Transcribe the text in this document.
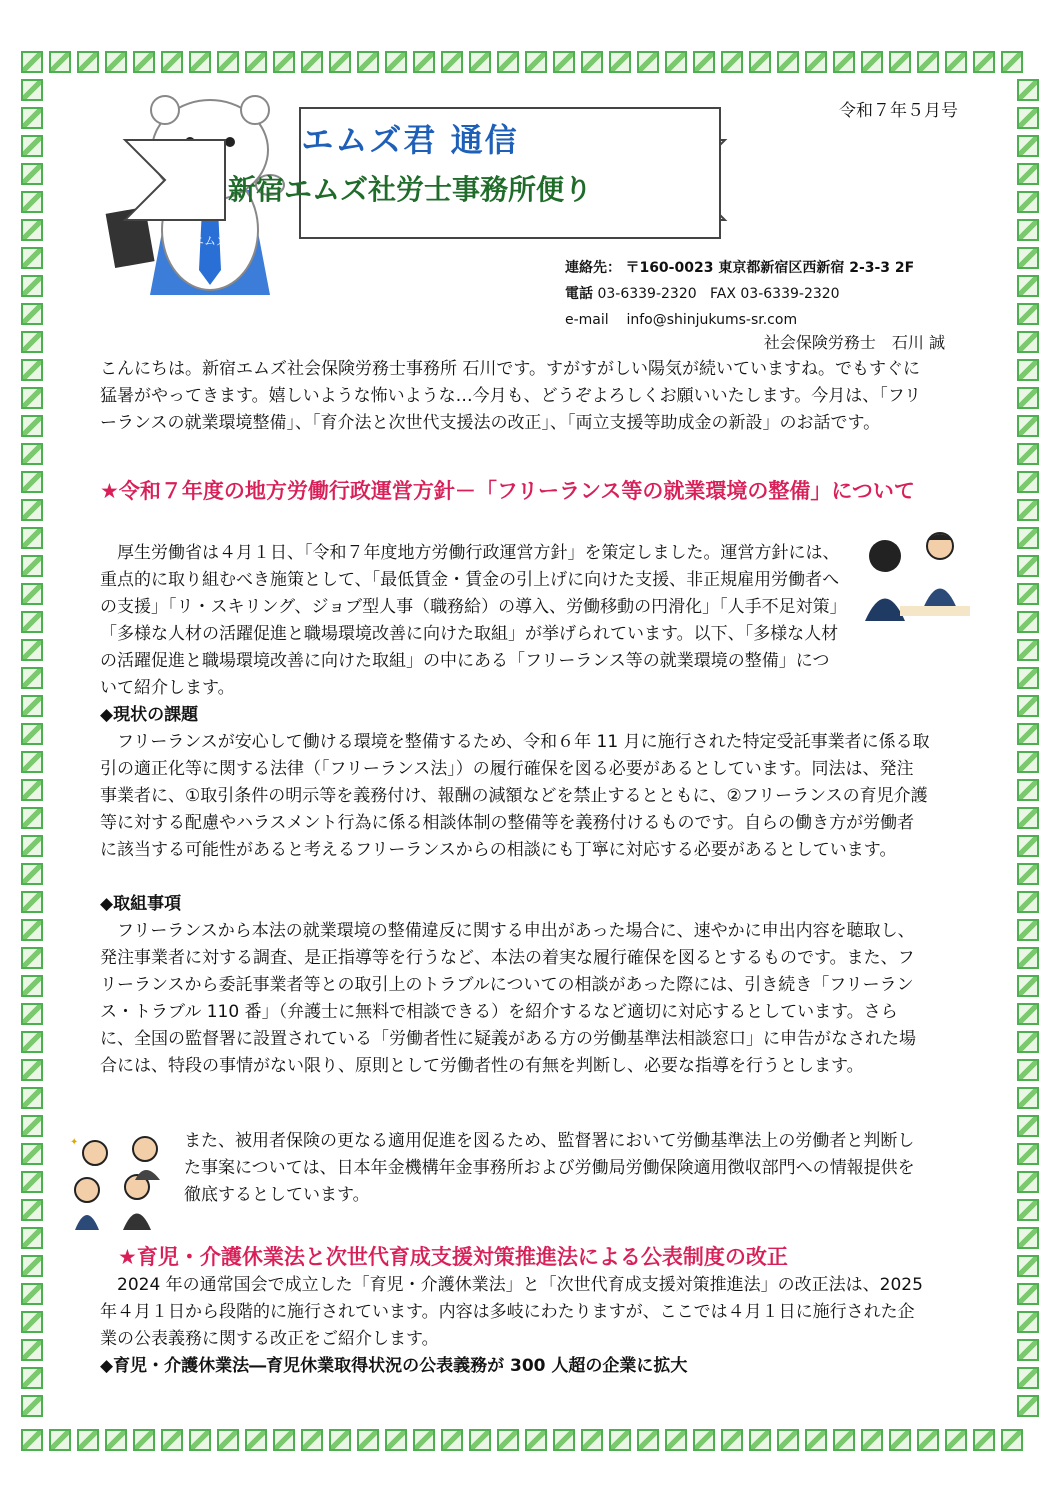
令和７年５月号
エムズ
エムズ君 通信
新宿エムズ社労士事務所便り
連絡先： 〒160-0023 東京都新宿区西新宿 2-3-3 2F
電話 03-6339-2320 FAX 03-6339-2320
e-mail info@shinjukums-sr.com
社会保険労務士　石川 誠
こんにちは。新宿エムズ社会保険労務士事務所 石川です。すがすがしい陽気が続いていますね。でもすぐに猛暑がやってきます。嬉しいような怖いような…今月も、どうぞよろしくお願いいたします。今月は、「フリーランスの就業環境整備」、「育介法と次世代支援法の改正」、「両立支援等助成金の新設」のお話です。
★令和７年度の地方労働行政運営方針－「フリーランス等の就業環境の整備」について
厚生労働省は４月１日、「令和７年度地方労働行政運営方針」を策定しました。運営方針には、重点的に取り組むべき施策として、「最低賃金・賃金の引上げに向けた支援、非正規雇用労働者への支援」「リ・スキリング、ジョブ型人事（職務給）の導入、労働移動の円滑化」「人手不足対策」「多様な人材の活躍促進と職場環境改善に向けた取組」が挙げられています。以下、「多様な人材の活躍促進と職場環境改善に向けた取組」の中にある「フリーランス等の就業環境の整備」について紹介します。
◆現状の課題
フリーランスが安心して働ける環境を整備するため、令和６年 11 月に施行された特定受託事業者に係る取引の適正化等に関する法律（「フリーランス法」）の履行確保を図る必要があるとしています。同法は、発注事業者に、①取引条件の明示等を義務付け、報酬の減額などを禁止するとともに、②フリーランスの育児介護等に対する配慮やハラスメント行為に係る相談体制の整備等を義務付けるものです。自らの働き方が労働者に該当する可能性があると考えるフリーランスからの相談にも丁寧に対応する必要があるとしています。
◆取組事項
フリーランスから本法の就業環境の整備違反に関する申出があった場合に、速やかに申出内容を聴取し、発注事業者に対する調査、是正指導等を行うなど、本法の着実な履行確保を図るとするものです。また、フリーランスから委託事業者等との取引上のトラブルについての相談があった際には、引き続き「フリーランス・トラブル 110 番」（弁護士に無料で相談できる）を紹介するなど適切に対応するとしています。さらに、全国の監督署に設置されている「労働者性に疑義がある方の労働基準法相談窓口」に申告がなされた場合には、特段の事情がない限り、原則として労働者性の有無を判断し、必要な指導を行うとします。
✦	また、被用者保険の更なる適用促進を図るため、監督署において労働基準法上の労働者と判断した事案については、日本年金機構年金事務所および労働局労働保険適用徴収部門への情報提供を徹底するとしています。
★育児・介護休業法と次世代育成支援対策推進法による公表制度の改正
2024 年の通常国会で成立した「育児・介護休業法」と「次世代育成支援対策推進法」の改正法は、2025 年４月１日から段階的に施行されています。内容は多岐にわたりますが、ここでは４月１日に施行された企業の公表義務に関する改正をご紹介します。
◆育児・介護休業法―育児休業取得状況の公表義務が 300 人超の企業に拡大
